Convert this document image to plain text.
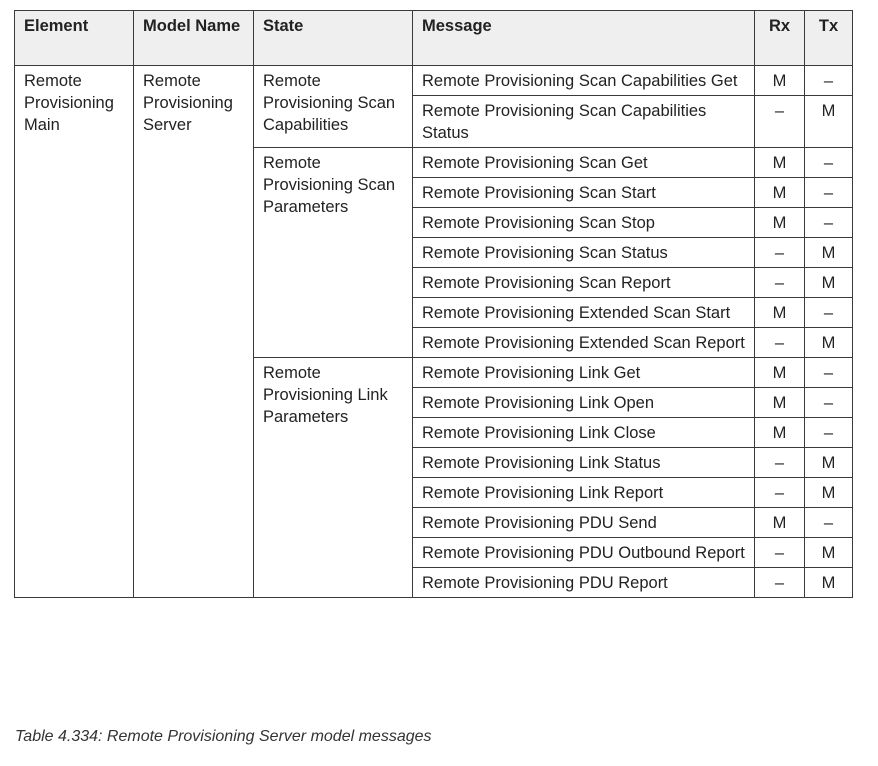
Element	Model Name	State	Message	Rx	Tx
Remote Provisioning Main	Remote Provisioning Server	Remote Provisioning Scan Capabilities	Remote Provisioning Scan Capabilities Get	M	–
			Remote Provisioning Scan Capabilities Status	–	M
		Remote Provisioning Scan Parameters	Remote Provisioning Scan Get	M	–
			Remote Provisioning Scan Start	M	–
			Remote Provisioning Scan Stop	M	–
			Remote Provisioning Scan Status	–	M
			Remote Provisioning Scan Report	–	M
			Remote Provisioning Extended Scan Start	M	–
			Remote Provisioning Extended Scan Report	–	M
		Remote Provisioning Link Parameters	Remote Provisioning Link Get	M	–
			Remote Provisioning Link Open	M	–
			Remote Provisioning Link Close	M	–
			Remote Provisioning Link Status	–	M
			Remote Provisioning Link Report	–	M
			Remote Provisioning PDU Send	M	–
			Remote Provisioning PDU Outbound Report	–	M
			Remote Provisioning PDU Report	–	M
Table 4.334: Remote Provisioning Server model messages
